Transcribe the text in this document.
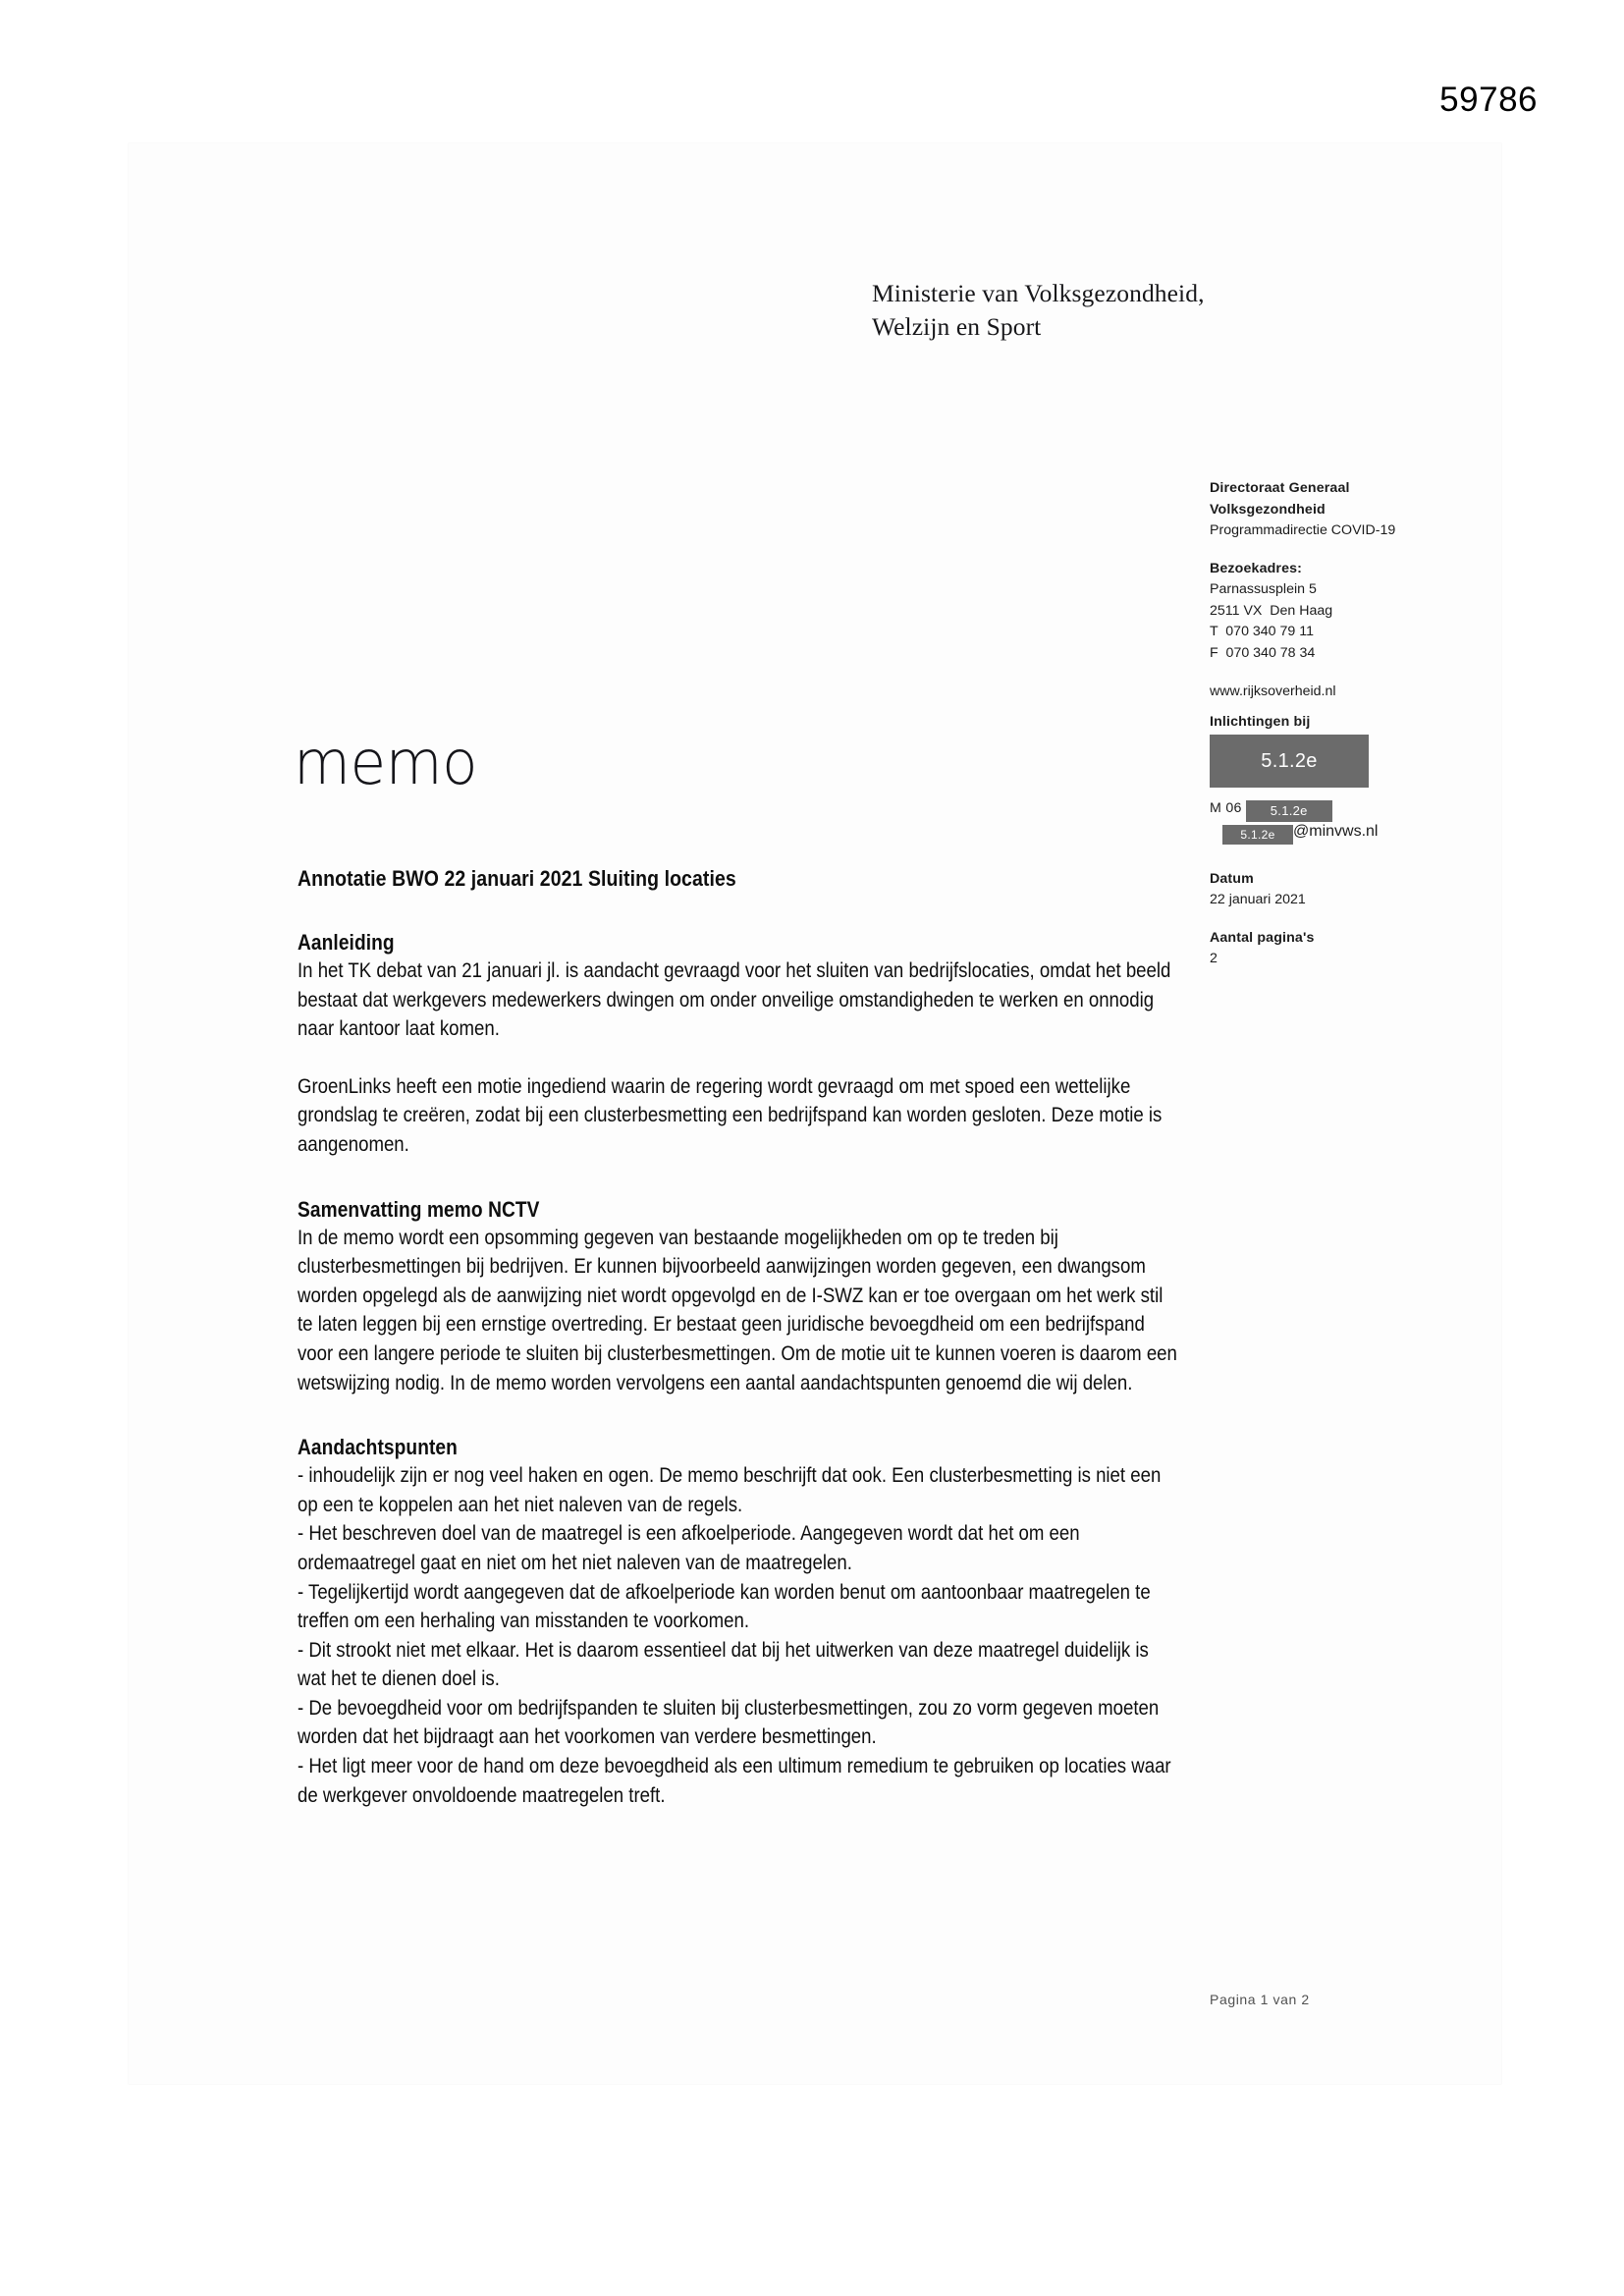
59786
Ministerie van Volksgezondheid,
Welzijn en Sport
Directoraat Generaal
Volksgezondheid
Programmadirectie COVID-19
Bezoekadres:
Parnassusplein 5
2511 VX  Den Haag
T  070 340 79 11
F  070 340 78 34
www.rijksoverheid.nl
Inlichtingen bij
5.1.2e
M 06 5.1.2e
5.1.2e @minvws.nl
Datum
22 januari 2021
Aantal pagina's
2
memo
Annotatie BWO 22 januari 2021 Sluiting locaties
Aanleiding

In het TK debat van 21 januari jl. is aandacht gevraagd voor het sluiten van bedrijfslocaties, omdat het beeld bestaat dat werkgevers medewerkers dwingen om onder onveilige omstandigheden te werken en onnodig naar kantoor laat komen.

GroenLinks heeft een motie ingediend waarin de regering wordt gevraagd om met spoed een wettelijke grondslag te creëren, zodat bij een clusterbesmetting een bedrijfspand kan worden gesloten. Deze motie is aangenomen.

Samenvatting memo NCTV

In de memo wordt een opsomming gegeven van bestaande mogelijkheden om op te treden bij clusterbesmettingen bij bedrijven. Er kunnen bijvoorbeeld aanwijzingen worden gegeven, een dwangsom worden opgelegd als de aanwijzing niet wordt opgevolgd en de I-SWZ kan er toe overgaan om het werk stil te laten leggen bij een ernstige overtreding. Er bestaat geen juridische bevoegdheid om een bedrijfspand voor een langere periode te sluiten bij clusterbesmettingen. Om de motie uit te kunnen voeren is daarom een wetswijzing nodig. In de memo worden vervolgens een aantal aandachtspunten genoemd die wij delen.

Aandachtspunten

- inhoudelijk zijn er nog veel haken en ogen. De memo beschrijft dat ook. Een clusterbesmetting is niet een op een te koppelen aan het niet naleven van de regels.

- Het beschreven doel van de maatregel is een afkoelperiode. Aangegeven wordt dat het om een ordemaatregel gaat en niet om het niet naleven van de maatregelen.

- Tegelijkertijd wordt aangegeven dat de afkoelperiode kan worden benut om aantoonbaar maatregelen te treffen om een herhaling van misstanden te voorkomen.

- Dit strookt niet met elkaar. Het is daarom essentieel dat bij het uitwerken van deze maatregel duidelijk is wat het te dienen doel is.

- De bevoegdheid voor om bedrijfspanden te sluiten bij clusterbesmettingen, zou zo vorm gegeven moeten worden dat het bijdraagt aan het voorkomen van verdere besmettingen.

- Het ligt meer voor de hand om deze bevoegdheid als een ultimum remedium te gebruiken op locaties waar de werkgever onvoldoende maatregelen treft.

Pagina 1 van 2
